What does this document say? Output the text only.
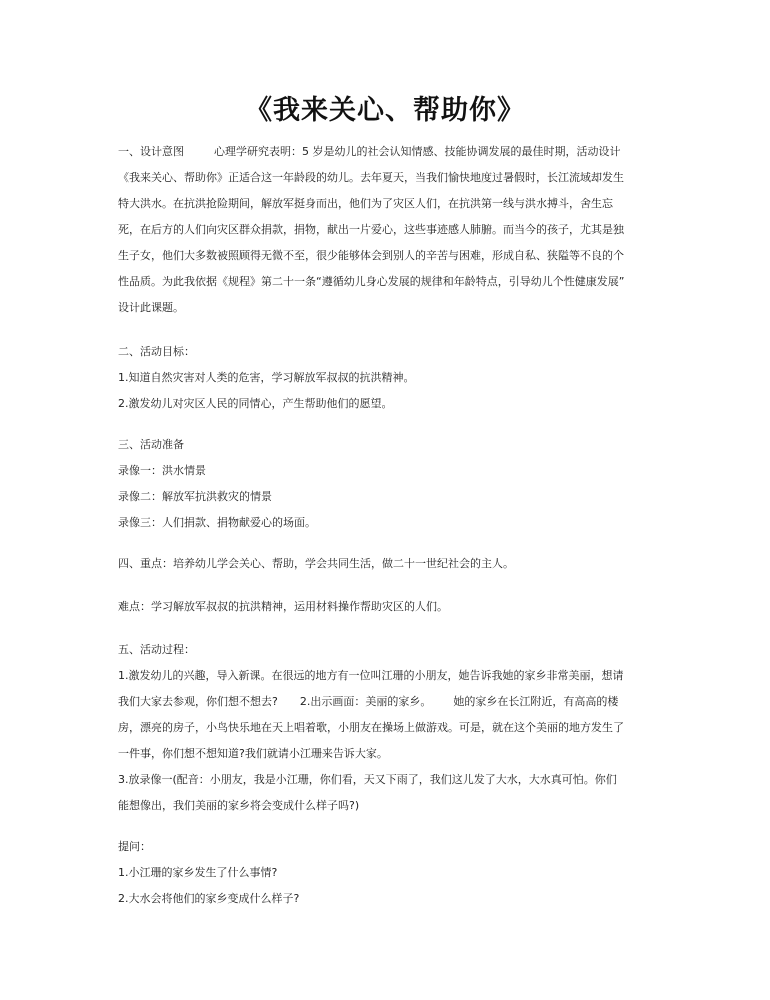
《我来关心、帮助你》
一、设计意图	心理学研究表明：5 岁是幼儿的社会认知情感、技能协调发展的最佳时期，活动设计
《我来关心、帮助你》正适合这一年龄段的幼儿。去年夏天，当我们愉快地度过暑假时，长江流域却发生
特大洪水。在抗洪抢险期间，解放军挺身而出，他们为了灾区人们，在抗洪第一线与洪水搏斗，舍生忘
死，在后方的人们向灾区群众捐款，捐物，献出一片爱心，这些事迹感人肺腑。而当今的孩子，尤其是独
生子女，他们大多数被照顾得无微不至，很少能够体会到别人的辛苦与困难，形成自私、狭隘等不良的个
性品质。为此我依据《规程》第二十一条“遵循幼儿身心发展的规律和年龄特点，引导幼儿个性健康发展”
设计此课题。
二、活动目标：
1.知道自然灾害对人类的危害，学习解放军叔叔的抗洪精神。
2.激发幼儿对灾区人民的同情心，产生帮助他们的愿望。
三、活动准备
录像一：洪水情景
录像二：解放军抗洪救灾的情景
录像三：人们捐款、捐物献爱心的场面。
四、重点：培养幼儿学会关心、帮助，学会共同生活，做二十一世纪社会的主人。
难点：学习解放军叔叔的抗洪精神，运用材料操作帮助灾区的人们。
五、活动过程：
1.激发幼儿的兴趣，导入新课。在很远的地方有一位叫江珊的小朋友，她告诉我她的家乡非常美丽，想请
我们大家去参观，你们想不想去? 2.出示画面：美丽的家乡。 她的家乡在长江附近，有高高的楼
房，漂亮的房子，小鸟快乐地在天上唱着歌，小朋友在操场上做游戏。可是，就在这个美丽的地方发生了
一件事，你们想不想知道?我们就请小江珊来告诉大家。
3.放录像一(配音：小朋友，我是小江珊，你们看，天又下雨了，我们这儿发了大水，大水真可怕。你们
能想像出，我们美丽的家乡将会变成什么样子吗?)
提问：
1.小江珊的家乡发生了什么事情?
2.大水会将他们的家乡变成什么样子?
